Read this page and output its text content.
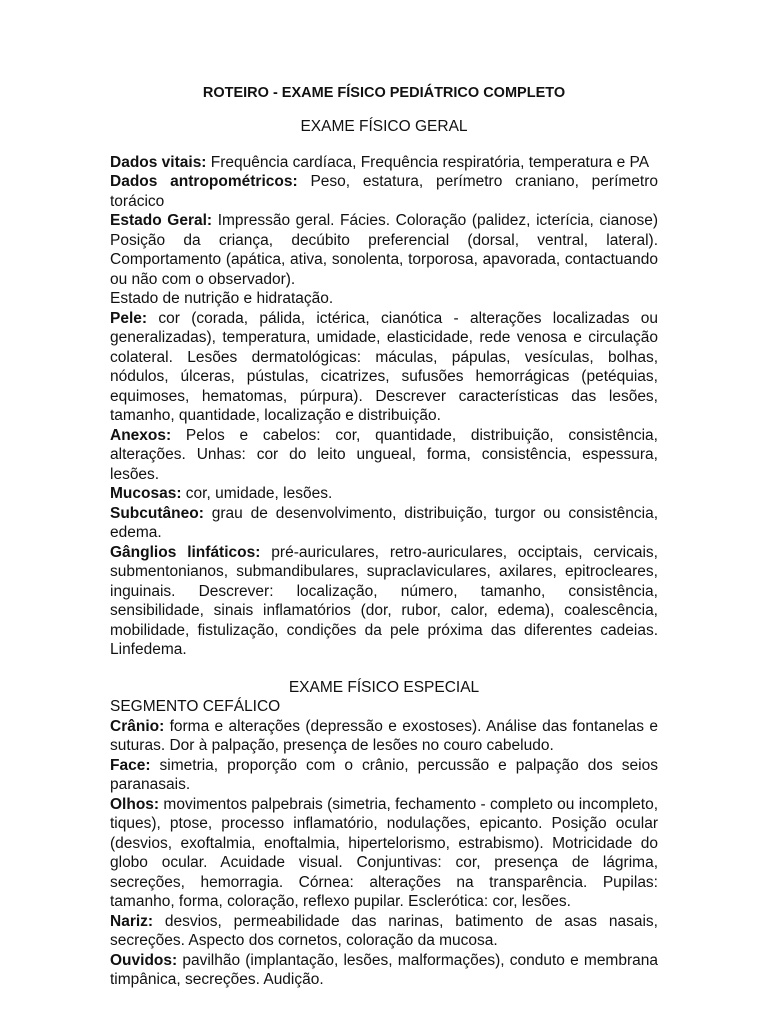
ROTEIRO - EXAME FÍSICO PEDIÁTRICO COMPLETO

EXAME FÍSICO GERAL

Dados vitais: Frequência cardíaca, Frequência respiratória, temperatura e PA

Dados antropométricos: Peso, estatura, perímetro craniano, perímetro torácico

Estado Geral: Impressão geral. Fácies. Coloração (palidez, icterícia, cianose) Posição da criança, decúbito preferencial (dorsal, ventral, lateral). Comportamento (apática, ativa, sonolenta, torporosa, apavorada, contactuando ou não com o observador).

Estado de nutrição e hidratação.

Pele: cor (corada, pálida, ictérica, cianótica - alterações localizadas ou generalizadas), temperatura, umidade, elasticidade, rede venosa e circulação colateral. Lesões dermatológicas: máculas, pápulas, vesículas, bolhas, nódulos, úlceras, pústulas, cicatrizes, sufusões hemorrágicas (petéquias, equimoses, hematomas, púrpura). Descrever características das lesões, tamanho, quantidade, localização e distribuição.

Anexos: Pelos e cabelos: cor, quantidade, distribuição, consistência, alterações. Unhas: cor do leito ungueal, forma, consistência, espessura, lesões.

Mucosas: cor, umidade, lesões.

Subcutâneo: grau de desenvolvimento, distribuição, turgor ou consistência, edema.

Gânglios linfáticos: pré-auriculares, retro-auriculares, occiptais, cervicais, submentonianos, submandibulares, supraclaviculares, axilares, epitrocleares, inguinais. Descrever: localização, número, tamanho, consistência, sensibilidade, sinais inflamatórios (dor, rubor, calor, edema), coalescência, mobilidade, fistulização, condições da pele próxima das diferentes cadeias. Linfedema.

EXAME FÍSICO ESPECIAL

SEGMENTO CEFÁLICO

Crânio: forma e alterações (depressão e exostoses). Análise das fontanelas e suturas. Dor à palpação, presença de lesões no couro cabeludo.

Face: simetria, proporção com o crânio, percussão e palpação dos seios paranasais.

Olhos: movimentos palpebrais (simetria, fechamento - completo ou incompleto, tiques), ptose, processo inflamatório, nodulações, epicanto. Posição ocular (desvios, exoftalmia, enoftalmia, hipertelorismo, estrabismo). Motricidade do globo ocular. Acuidade visual. Conjuntivas: cor, presença de lágrima, secreções, hemorragia. Córnea: alterações na transparência. Pupilas: tamanho, forma, coloração, reflexo pupilar. Esclerótica: cor, lesões.

Nariz: desvios, permeabilidade das narinas, batimento de asas nasais, secreções. Aspecto dos cornetos, coloração da mucosa.

Ouvidos: pavilhão (implantação, lesões, malformações), conduto e membrana timpânica, secreções. Audição.
